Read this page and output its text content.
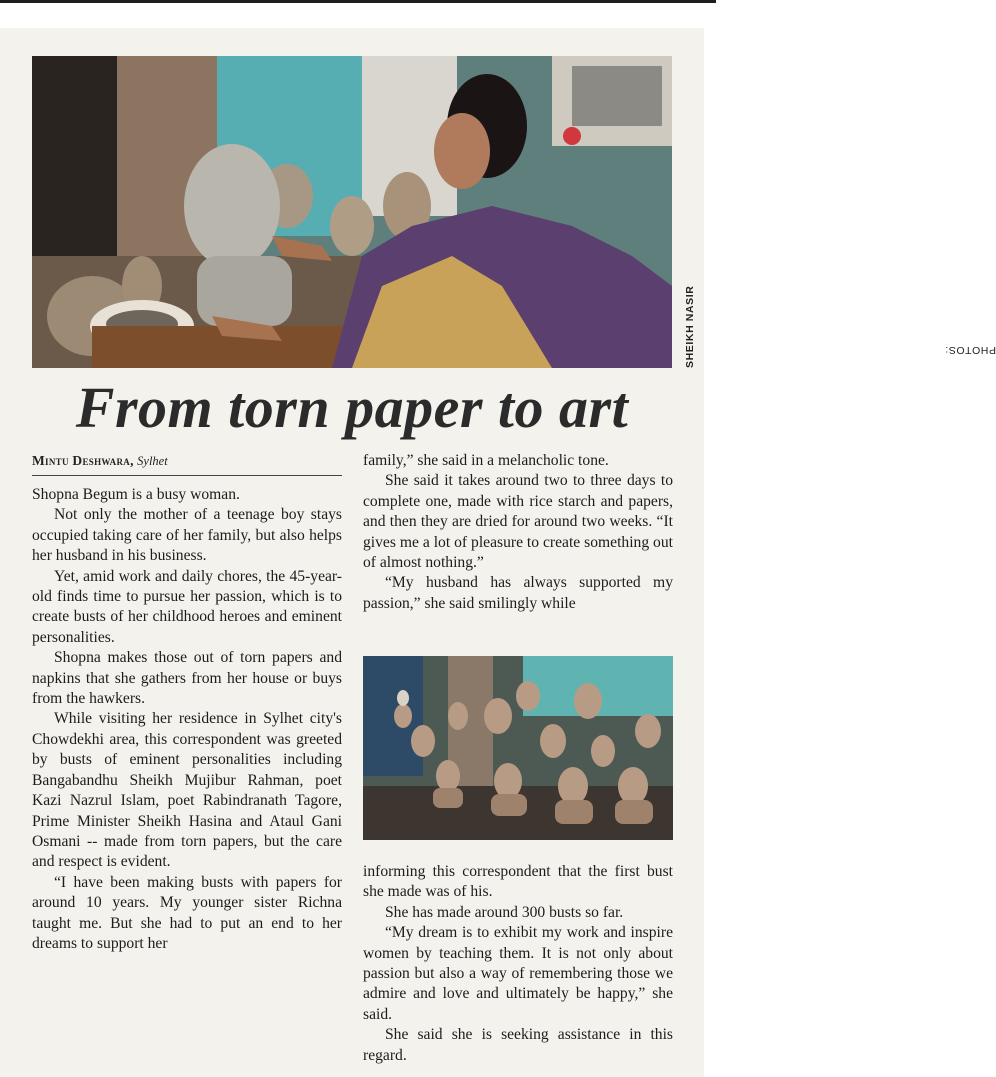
PHOTOS:
SHEIKH NASIR
From torn paper to art
Mintu Deshwara, Sylhet

Shopna Begum is a busy woman.

Not only the mother of a teenage boy stays occupied taking care of her family, but also helps her husband in his business.

Yet, amid work and daily chores, the 45-year-old finds time to pursue her passion, which is to create busts of her childhood heroes and eminent personalities.

Shopna makes those out of torn papers and napkins that she gathers from her house or buys from the hawkers.

While visiting her residence in Sylhet city's Chowdekhi area, this correspondent was greeted by busts of eminent personalities including Bangabandhu Sheikh Mujibur Rahman, poet Kazi Nazrul Islam, poet Rabindranath Tagore, Prime Minister Sheikh Hasina and Ataul Gani Osmani -- made from torn papers, but the care and respect is evident.

“I have been making busts with papers for around 10 years. My younger sister Richna taught me. But she had to put an end to her dreams to support her

family,” she said in a melancholic tone.

She said it takes around two to three days to complete one, made with rice starch and papers, and then they are dried for around two weeks. “It gives me a lot of pleasure to create something out of almost nothing.”

“My husband has always supported my passion,” she said smilingly while

informing this correspondent that the first bust she made was of his.

She has made around 300 busts so far.

“My dream is to exhibit my work and inspire women by teaching them. It is not only about passion but also a way of remembering those we admire and love and ultimately be happy,” she said.

She said she is seeking assistance in this regard.
